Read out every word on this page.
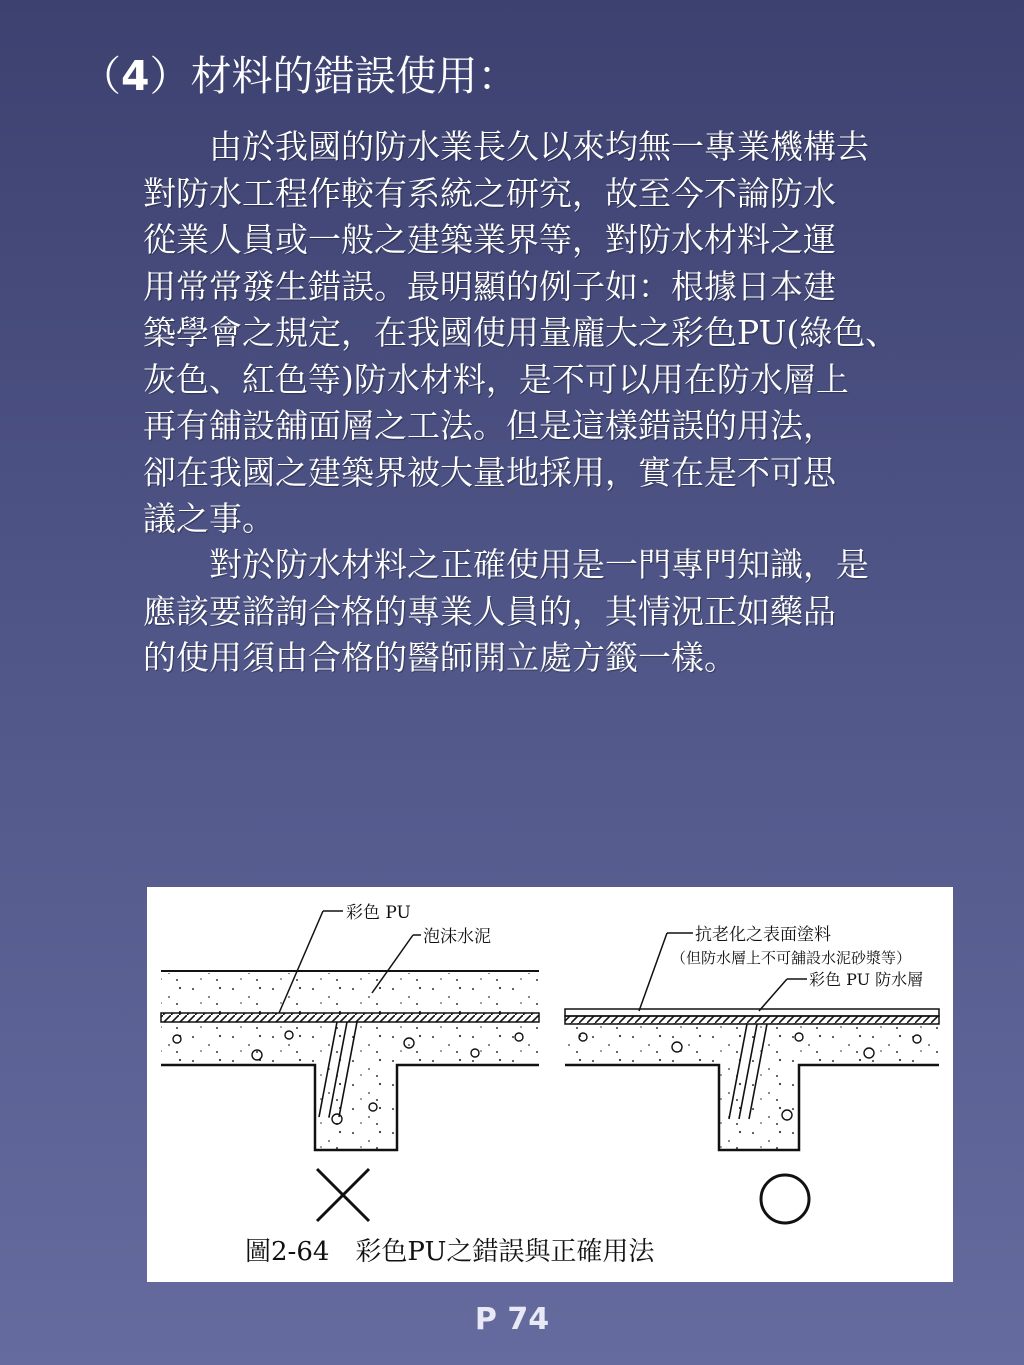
（4）材料的錯誤使用：
由於我國的防水業長久以來均無一專業機構去
對防水工程作較有系統之研究，故至今不論防水
從業人員或一般之建築業界等，對防水材料之運
用常常發生錯誤。最明顯的例子如：根據日本建
築學會之規定，在我國使用量龐大之彩色PU(綠色、
灰色、紅色等)防水材料，是不可以用在防水層上
再有舖設舖面層之工法。但是這樣錯誤的用法，
卻在我國之建築界被大量地採用，實在是不可思
議之事。
對於防水材料之正確使用是一門專門知識，是
應該要諮詢合格的專業人員的，其情況正如藥品
的使用須由合格的醫師開立處方籤一樣。
彩色 PU
泡沫水泥	抗老化之表面塗料
（但防水層上不可舖設水泥砂漿等）
彩色 PU 防水層
圖2-64　彩色PU之錯誤與正確用法
P 74
